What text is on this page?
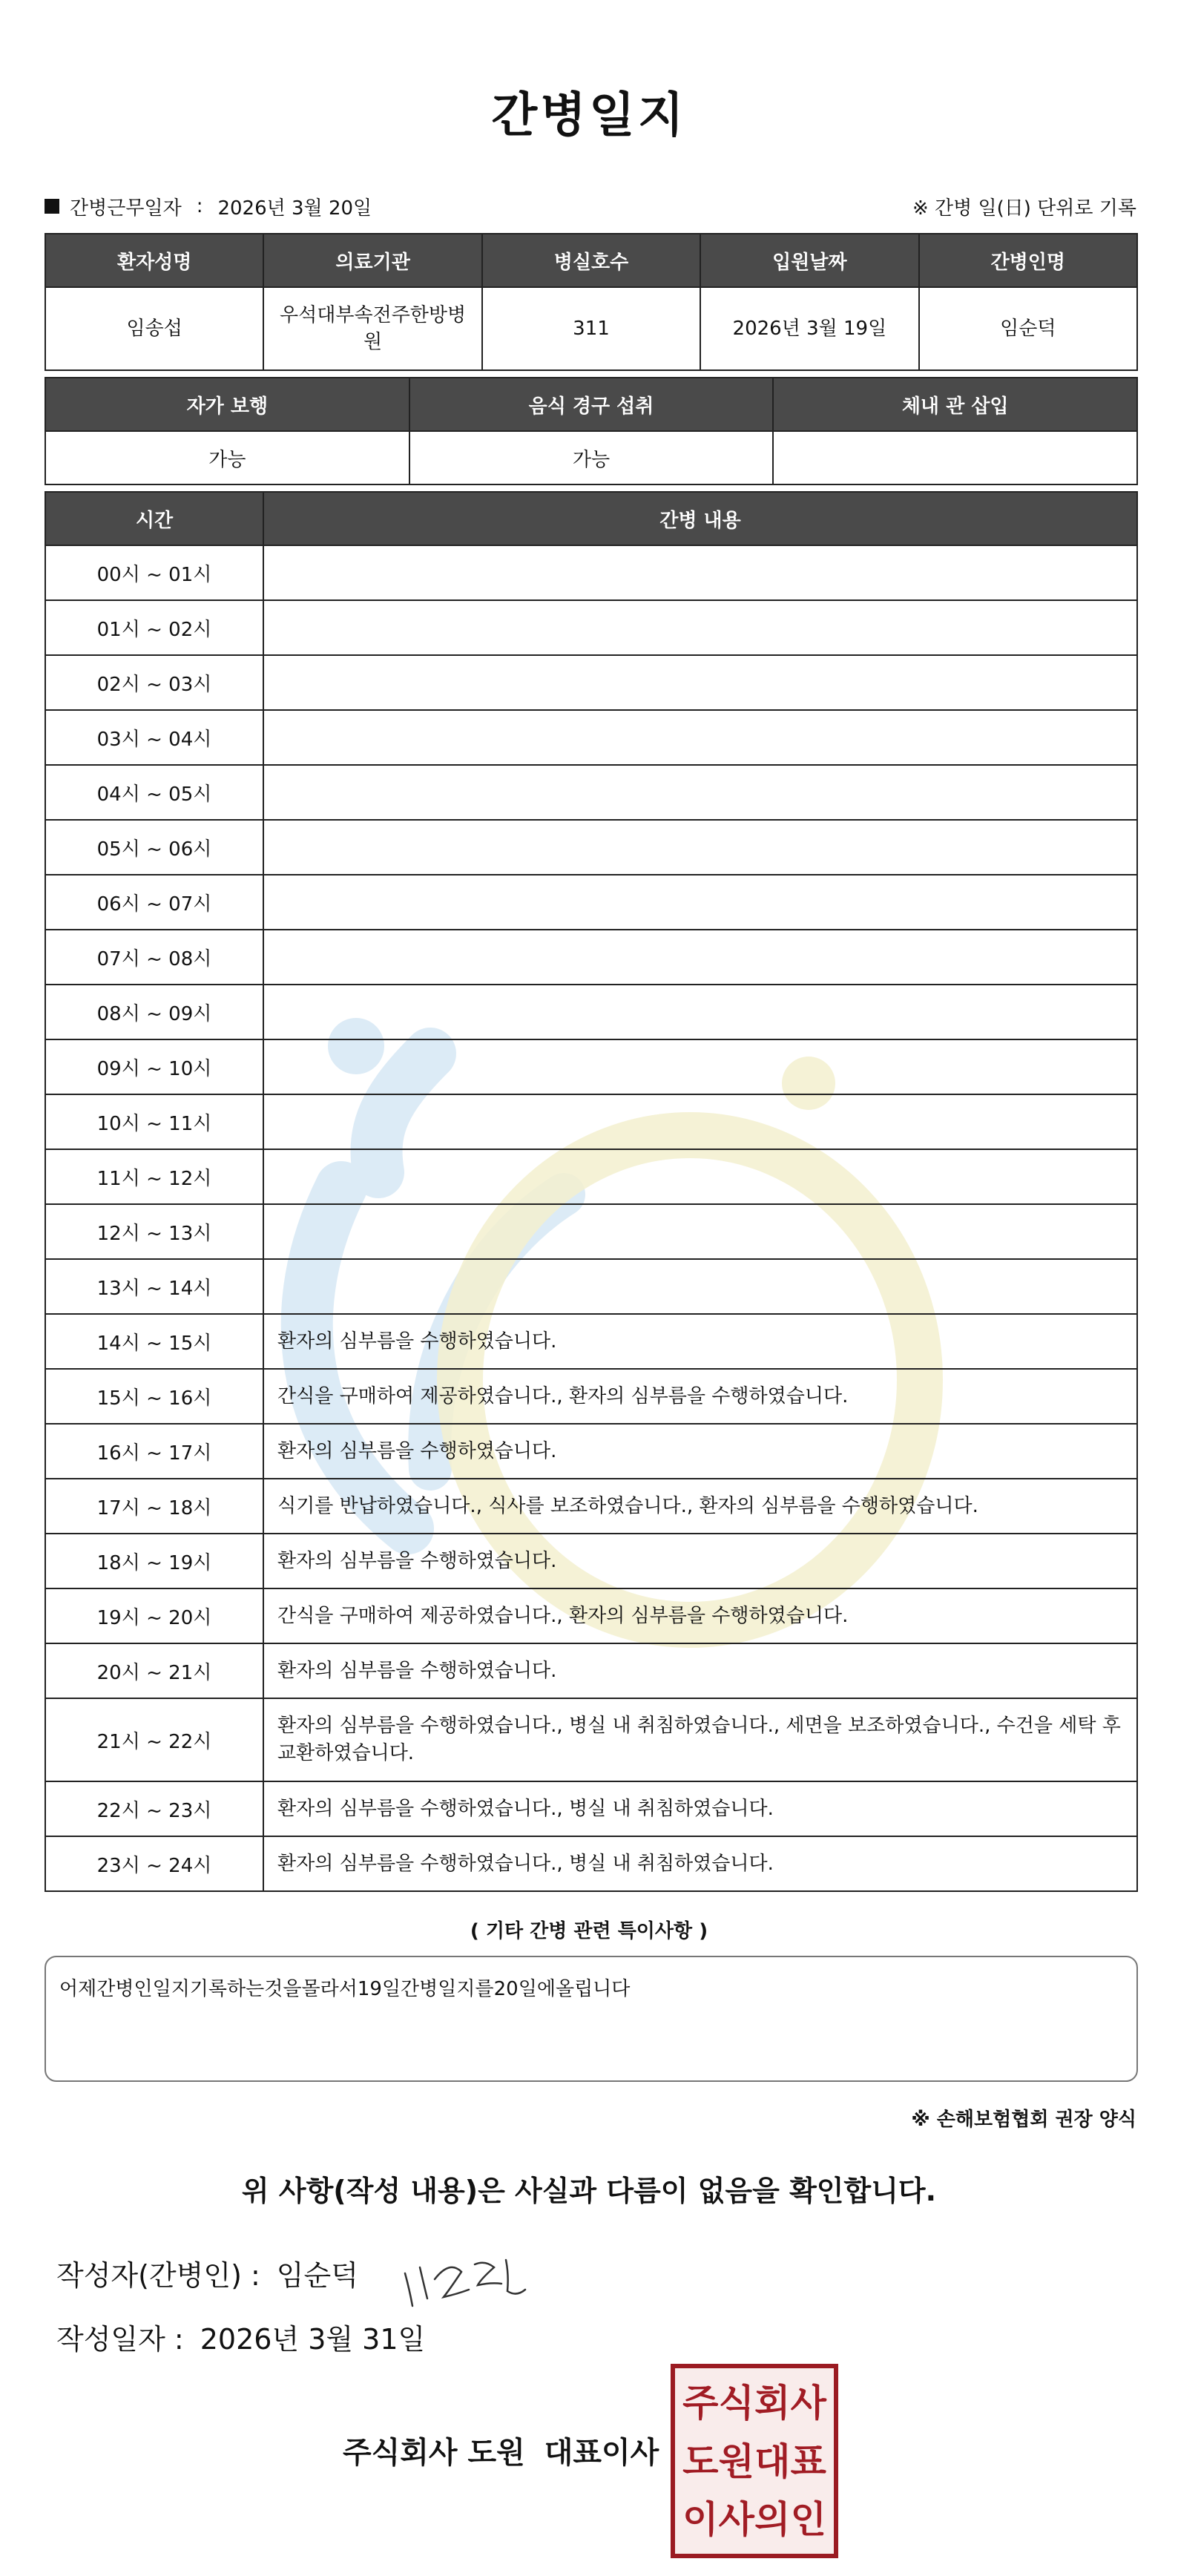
간병일지
간병근무일자 : 2026년 3월 20일	※ 간병 일(日) 단위로 기록
환자성명	의료기관	병실호수	입원날짜	간병인명
임송섭	우석대부속전주한방병원	311	2026년 3월 19일	임순덕
자가 보행	음식 경구 섭취	체내 관 삽입
가능	가능	
시간	간병 내용
00시 ~ 01시	
01시 ~ 02시	
02시 ~ 03시	
03시 ~ 04시	
04시 ~ 05시	
05시 ~ 06시	
06시 ~ 07시	
07시 ~ 08시	
08시 ~ 09시	
09시 ~ 10시	
10시 ~ 11시	
11시 ~ 12시	
12시 ~ 13시	
13시 ~ 14시	
14시 ~ 15시	환자의 심부름을 수행하였습니다.
15시 ~ 16시	간식을 구매하여 제공하였습니다., 환자의 심부름을 수행하였습니다.
16시 ~ 17시	환자의 심부름을 수행하였습니다.
17시 ~ 18시	식기를 반납하였습니다., 식사를 보조하였습니다., 환자의 심부름을 수행하였습니다.
18시 ~ 19시	환자의 심부름을 수행하였습니다.
19시 ~ 20시	간식을 구매하여 제공하였습니다., 환자의 심부름을 수행하였습니다.
20시 ~ 21시	환자의 심부름을 수행하였습니다.
21시 ~ 22시	환자의 심부름을 수행하였습니다., 병실 내 취침하였습니다., 세면을 보조하였습니다., 수건을 세탁 후 교환하였습니다.
22시 ~ 23시	환자의 심부름을 수행하였습니다., 병실 내 취침하였습니다.
23시 ~ 24시	환자의 심부름을 수행하였습니다., 병실 내 취침하였습니다.
( 기타 간병 관련 특이사항 )
어제간병인일지기록하는것을몰라서19일간병일지를20일에올립니다
※ 손해보험협회 권장 양식
위 사항(작성 내용)은 사실과 다름이 없음을 확인합니다.
작성자(간병인) : 임순덕
작성일자 : 2026년 3월 31일
주식회사 도원 대표이사
주 식 회 사
도 원 대 표
이 사 의 인
